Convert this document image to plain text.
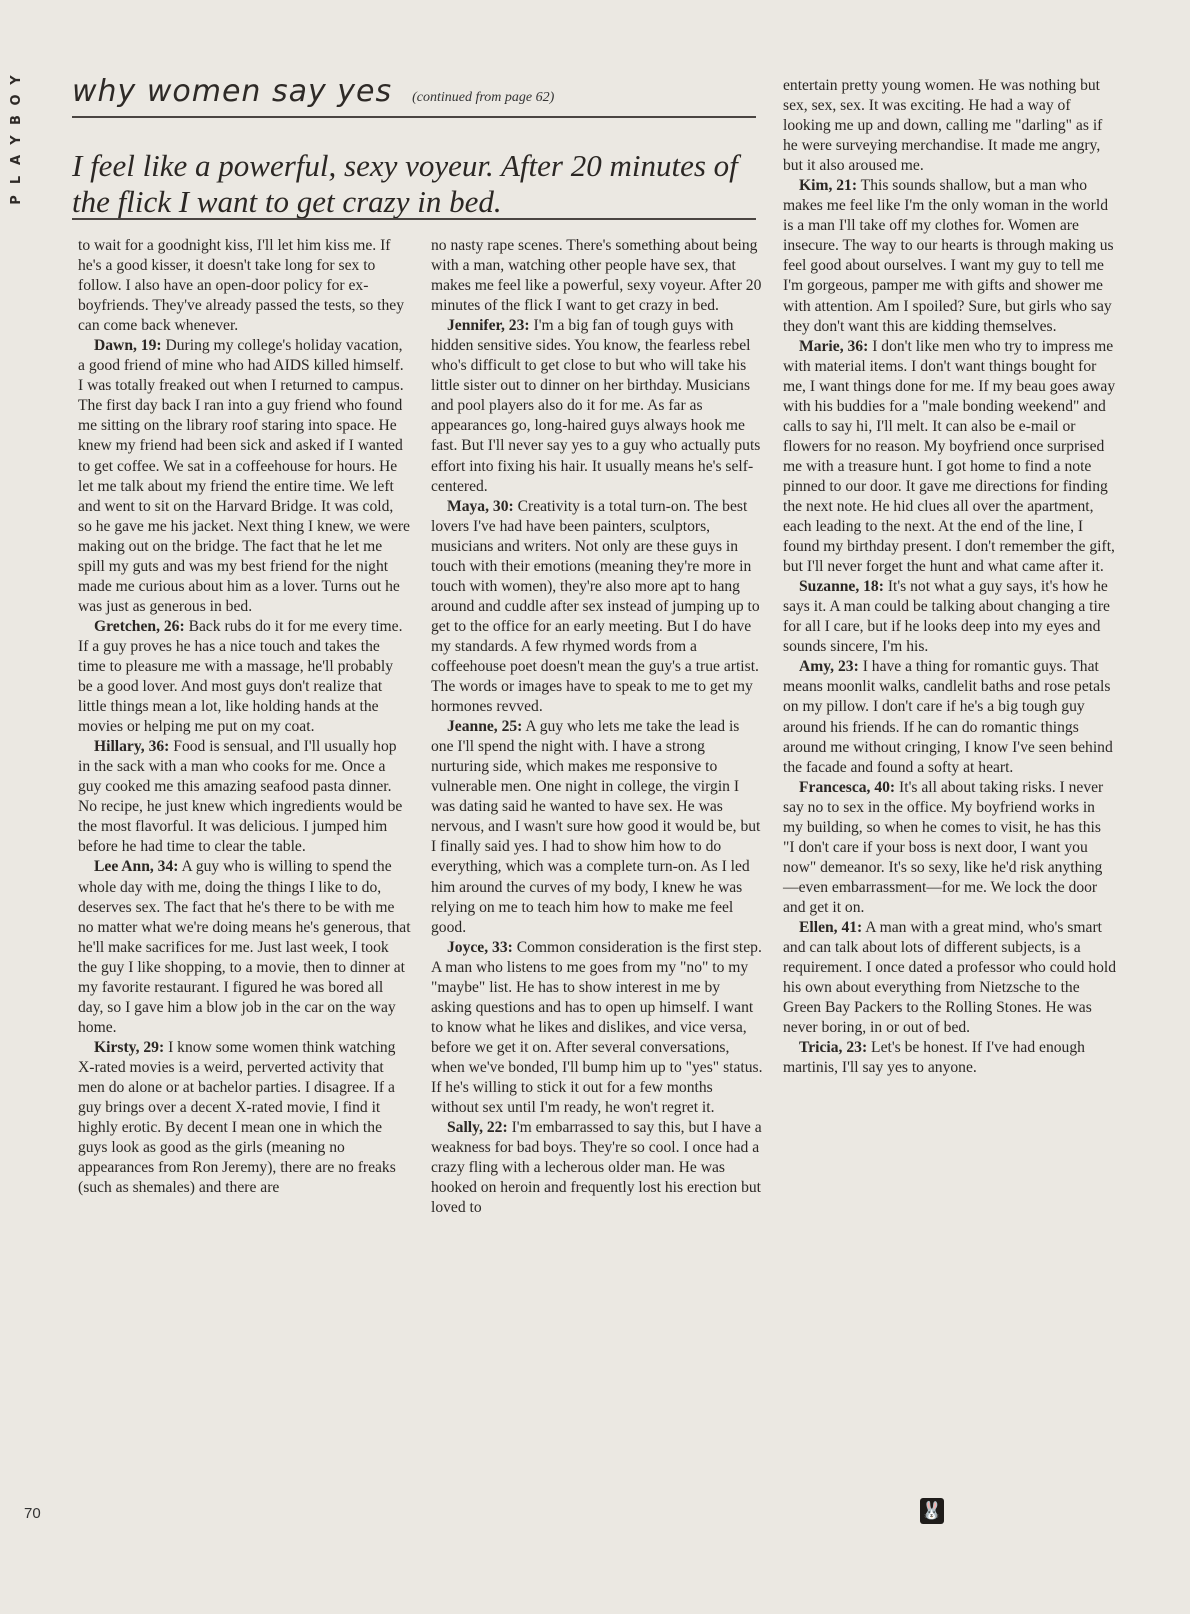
Y
O
B
Y
A
L
P
why women say yes (continued from page 62)
I feel like a powerful, sexy voyeur. After 20 minutes of the flick I want to get crazy in bed.

to wait for a goodnight kiss, I'll let him kiss me. If he's a good kisser, it doesn't take long for sex to follow. I also have an open-door policy for ex-boyfriends. They've already passed the tests, so they can come back whenever.

Dawn, 19: During my college's holiday vacation, a good friend of mine who had AIDS killed himself. I was totally freaked out when I returned to campus. The first day back I ran into a guy friend who found me sitting on the library roof staring into space. He knew my friend had been sick and asked if I wanted to get coffee. We sat in a coffeehouse for hours. He let me talk about my friend the entire time. We left and went to sit on the Harvard Bridge. It was cold, so he gave me his jacket. Next thing I knew, we were making out on the bridge. The fact that he let me spill my guts and was my best friend for the night made me curious about him as a lover. Turns out he was just as generous in bed.

Gretchen, 26: Back rubs do it for me every time. If a guy proves he has a nice touch and takes the time to pleasure me with a massage, he'll probably be a good lover. And most guys don't realize that little things mean a lot, like holding hands at the movies or helping me put on my coat.

Hillary, 36: Food is sensual, and I'll usually hop in the sack with a man who cooks for me. Once a guy cooked me this amazing seafood pasta dinner. No recipe, he just knew which ingredients would be the most flavorful. It was delicious. I jumped him before he had time to clear the table.

Lee Ann, 34: A guy who is willing to spend the whole day with me, doing the things I like to do, deserves sex. The fact that he's there to be with me no matter what we're doing means he's generous, that he'll make sacrifices for me. Just last week, I took the guy I like shopping, to a movie, then to dinner at my favorite restaurant. I figured he was bored all day, so I gave him a blow job in the car on the way home.

Kirsty, 29: I know some women think watching X-rated movies is a weird, perverted activity that men do alone or at bachelor parties. I disagree. If a guy brings over a decent X-rated movie, I find it highly erotic. By decent I mean one in which the guys look as good as the girls (meaning no appearances from Ron Jeremy), there are no freaks (such as shemales) and there are

no nasty rape scenes. There's something about being with a man, watching other people have sex, that makes me feel like a powerful, sexy voyeur. After 20 minutes of the flick I want to get crazy in bed.

Jennifer, 23: I'm a big fan of tough guys with hidden sensitive sides. You know, the fearless rebel who's difficult to get close to but who will take his little sister out to dinner on her birthday. Musicians and pool players also do it for me. As far as appearances go, long-haired guys always hook me fast. But I'll never say yes to a guy who actually puts effort into fixing his hair. It usually means he's self-centered.

Maya, 30: Creativity is a total turn-on. The best lovers I've had have been painters, sculptors, musicians and writers. Not only are these guys in touch with their emotions (meaning they're more in touch with women), they're also more apt to hang around and cuddle after sex instead of jumping up to get to the office for an early meeting. But I do have my standards. A few rhymed words from a coffeehouse poet doesn't mean the guy's a true artist. The words or images have to speak to me to get my hormones revved.

Jeanne, 25: A guy who lets me take the lead is one I'll spend the night with. I have a strong nurturing side, which makes me responsive to vulnerable men. One night in college, the virgin I was dating said he wanted to have sex. He was nervous, and I wasn't sure how good it would be, but I finally said yes. I had to show him how to do everything, which was a complete turn-on. As I led him around the curves of my body, I knew he was relying on me to teach him how to make me feel good.

Joyce, 33: Common consideration is the first step. A man who listens to me goes from my "no" to my "maybe" list. He has to show interest in me by asking questions and has to open up himself. I want to know what he likes and dislikes, and vice versa, before we get it on. After several conversations, when we've bonded, I'll bump him up to "yes" status. If he's willing to stick it out for a few months without sex until I'm ready, he won't regret it.

Sally, 22: I'm embarrassed to say this, but I have a weakness for bad boys. They're so cool. I once had a crazy fling with a lecherous older man. He was hooked on heroin and frequently lost his erection but loved to

entertain pretty young women. He was nothing but sex, sex, sex. It was exciting. He had a way of looking me up and down, calling me "darling" as if he were surveying merchandise. It made me angry, but it also aroused me.

Kim, 21: This sounds shallow, but a man who makes me feel like I'm the only woman in the world is a man I'll take off my clothes for. Women are insecure. The way to our hearts is through making us feel good about ourselves. I want my guy to tell me I'm gorgeous, pamper me with gifts and shower me with attention. Am I spoiled? Sure, but girls who say they don't want this are kidding themselves.

Marie, 36: I don't like men who try to impress me with material items. I don't want things bought for me, I want things done for me. If my beau goes away with his buddies for a "male bonding weekend" and calls to say hi, I'll melt. It can also be e-mail or flowers for no reason. My boyfriend once surprised me with a treasure hunt. I got home to find a note pinned to our door. It gave me directions for finding the next note. He hid clues all over the apartment, each leading to the next. At the end of the line, I found my birthday present. I don't remember the gift, but I'll never forget the hunt and what came after it.

Suzanne, 18: It's not what a guy says, it's how he says it. A man could be talking about changing a tire for all I care, but if he looks deep into my eyes and sounds sincere, I'm his.

Amy, 23: I have a thing for romantic guys. That means moonlit walks, candlelit baths and rose petals on my pillow. I don't care if he's a big tough guy around his friends. If he can do romantic things around me without cringing, I know I've seen behind the facade and found a softy at heart.

Francesca, 40: It's all about taking risks. I never say no to sex in the office. My boyfriend works in my building, so when he comes to visit, he has this "I don't care if your boss is next door, I want you now" demeanor. It's so sexy, like he'd risk anything—even embarrassment—for me. We lock the door and get it on.

Ellen, 41: A man with a great mind, who's smart and can talk about lots of different subjects, is a requirement. I once dated a professor who could hold his own about everything from Nietzsche to the Green Bay Packers to the Rolling Stones. He was never boring, in or out of bed.

Tricia, 23: Let's be honest. If I've had enough martinis, I'll say yes to anyone.

70	🐰
